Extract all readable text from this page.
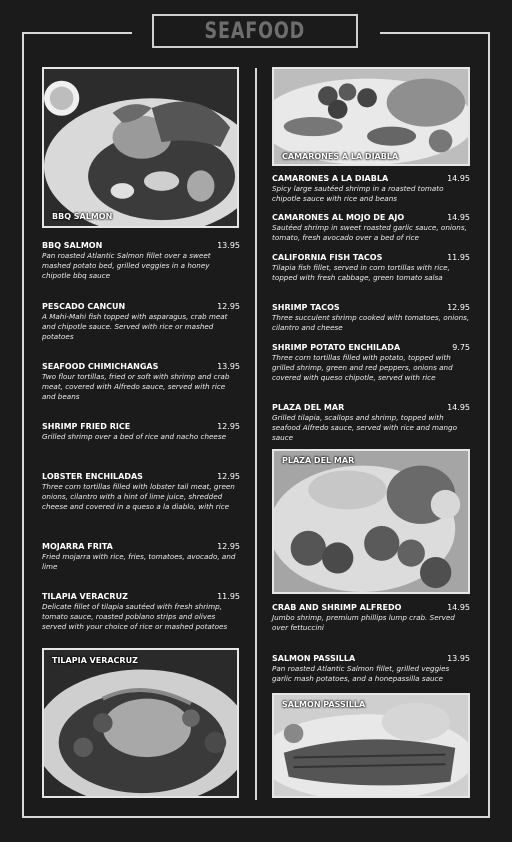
SEAFOOD
BBQ SALMON
CAMARONES A LA DIABLA
PLAZA DEL MAR
TILAPIA VERACRUZ
SALMON PASSILLA
BBQ SALMON	13.95
Pan roasted Atlantic Salmon fillet over a sweet mashed potato bed, grilled veggies in a honey chipotle bbq sauce
PESCADO CANCUN	12.95
A Mahi-Mahi fish topped with asparagus, crab meat and chipotle sauce. Served with rice or mashed potatoes
SEAFOOD CHIMICHANGAS	13.95
Two flour tortillas, fried or soft with shrimp and crab meat, covered with Alfredo sauce, served with rice and beans
SHRIMP FRIED RICE	12.95
Grilled shrimp over a bed of rice and nacho cheese
LOBSTER ENCHILADAS	12.95
Three corn tortillas filled with lobster tail meat, green onions, cilantro with a hint of lime juice, shredded cheese and covered in a queso a la diablo, with rice
MOJARRA FRITA	12.95
Fried mojarra with rice, fries, tomatoes, avocado, and lime
TILAPIA VERACRUZ	11.95
Delicate fillet of tilapia sautéed with fresh shrimp, tomato sauce, roasted poblano strips and olives served with your choice of rice or mashed potatoes
CAMARONES A LA DIABLA	14.95
Spicy large sautéed shrimp in a roasted tomato chipotle sauce with rice and beans
CAMARONES AL MOJO DE AJO	14.95
Sautéed shrimp in sweet roasted garlic sauce, onions, tomato, fresh avocado over a bed of rice
CALIFORNIA FISH TACOS	11.95
Tilapia fish fillet, served in corn tortillas with rice, topped with fresh cabbage, green tomato salsa
SHRIMP TACOS	12.95
Three succulent shrimp cooked with tomatoes, onions, cilantro and cheese
SHRIMP POTATO ENCHILADA	9.75
Three corn tortillas filled with potato, topped with grilled shrimp, green and red peppers, onions and covered with queso chipotle, served with rice
PLAZA DEL MAR	14.95
Grilled tilapia, scallops and shrimp, topped with seafood Alfredo sauce, served with rice and mango sauce
CRAB AND SHRIMP ALFREDO	14.95
Jumbo shrimp, premium phillips lump crab. Served over fettuccini
SALMON PASSILLA	13.95
Pan roasted Atlantic Salmon fillet, grilled veggies garlic mash potatoes, and a honepassilla sauce
